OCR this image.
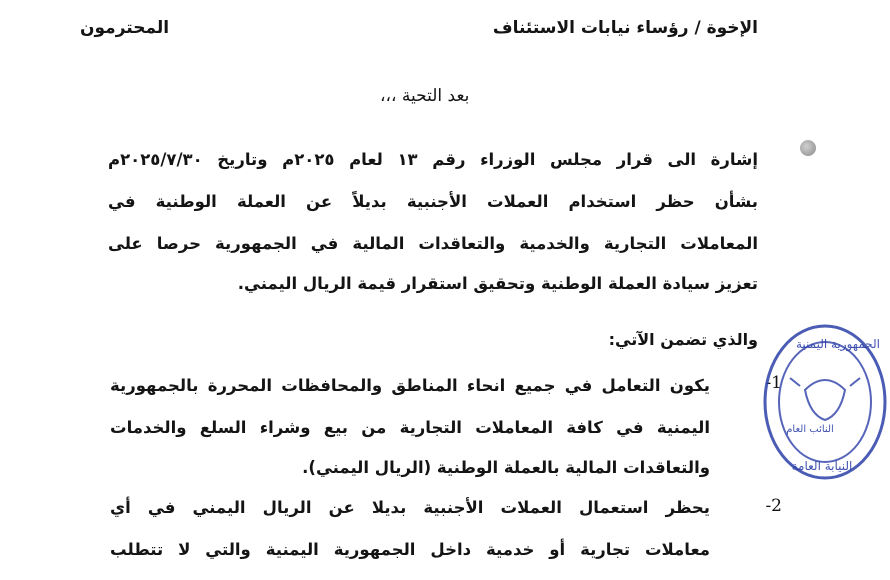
الإخوة / رؤساء نيابات الاستئناف
المحترمون
بعد التحية ،،،
إشارة الى قرار مجلس الوزراء رقم ١٣ لعام ٢٠٢٥م وتاريخ ٢٠٢٥/٧/٣٠م
بشأن حظر استخدام العملات الأجنبية بديلاً عن العملة الوطنية في
المعاملات التجارية والخدمية والتعاقدات المالية في الجمهورية حرصا على
تعزيز سيادة العملة الوطنية وتحقيق استقرار قيمة الريال اليمني.
والذي تضمن الآتي:
-1
يكون التعامل في جميع انحاء المناطق والمحافظات المحررة بالجمهورية
اليمنية في كافة المعاملات التجارية من بيع وشراء السلع والخدمات
والتعاقدات المالية بالعملة الوطنية (الريال اليمني).
-2
يحظر استعمال العملات الأجنبية بديلا عن الريال اليمني في أي
معاملات تجارية أو خدمية داخل الجمهورية اليمنية والتي لا تتطلب
الجمهورية اليمنية
النائب العام
النيابة العامة
